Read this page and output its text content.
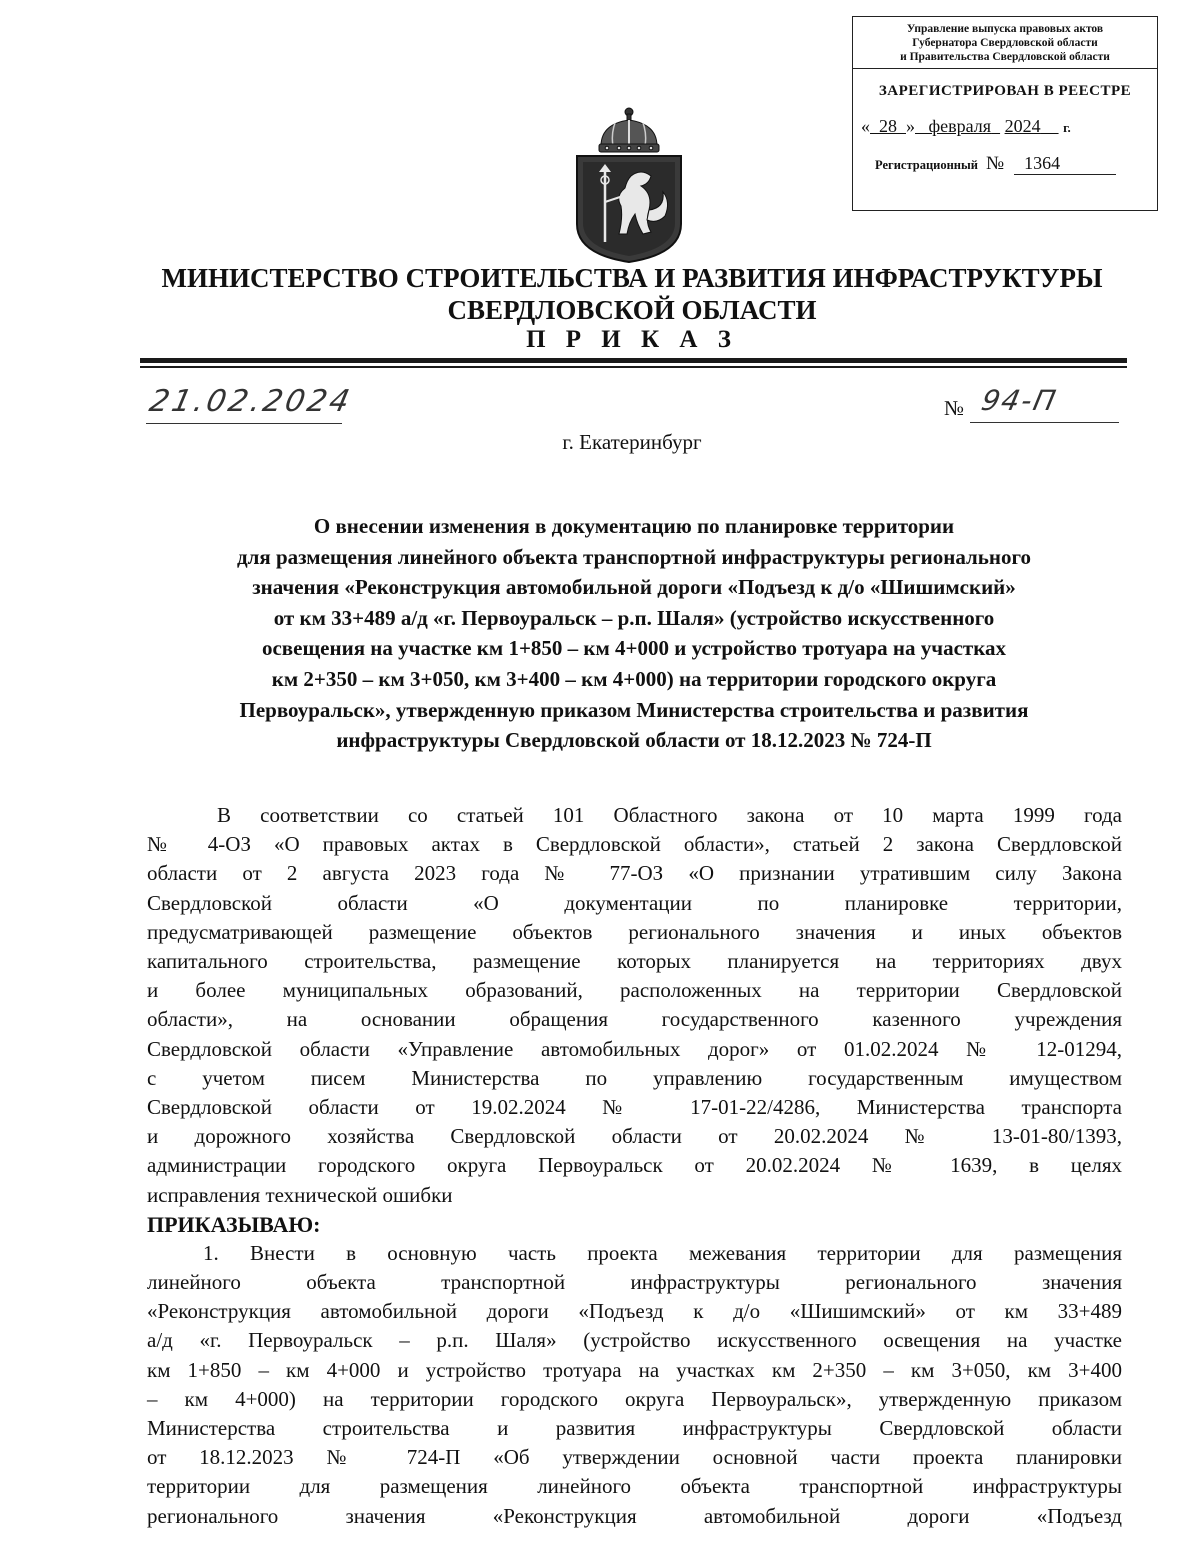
Управление выпуска правовых актов
Губернатора Свердловской области
и Правительства Свердловской области
ЗАРЕГИСТРИРОВАН В РЕЕСТРЕ
« 28 » февраля 2024 г.
Регистрационный № 1364
МИНИСТЕРСТВО СТРОИТЕЛЬСТВА И РАЗВИТИЯ ИНФРАСТРУКТУРЫ
СВЕРДЛОВСКОЙ ОБЛАСТИ
П Р И К А З
21.02.2024	№ 94-П
г. Екатеринбург
О внесении изменения в документацию по планировке территории
для размещения линейного объекта транспортной инфраструктуры регионального
значения «Реконструкция автомобильной дороги «Подъезд к д/о «Шишимский»
от км 33+489 а/д «г. Первоуральск – р.п. Шаля» (устройство искусственного
освещения на участке км 1+850 – км 4+000 и устройство тротуара на участках
км 2+350 – км 3+050, км 3+400 – км 4+000) на территории городского округа
Первоуральск», утвержденную приказом Министерства строительства и развития
инфраструктуры Свердловской области от 18.12.2023 № 724-П
В соответствии со статьей 101 Областного закона от 10 марта 1999 года
№ 4-ОЗ «О правовых актах в Свердловской области», статьей 2 закона Свердловской
области от 2 августа 2023 года № 77-ОЗ «О признании утратившим силу Закона
Свердловской области «О документации по планировке территории,
предусматривающей размещение объектов регионального значения и иных объектов
капитального строительства, размещение которых планируется на территориях двух
и более муниципальных образований, расположенных на территории Свердловской
области», на основании обращения государственного казенного учреждения
Свердловской области «Управление автомобильных дорог» от 01.02.2024 № 12-01294,
с учетом писем Министерства по управлению государственным имуществом
Свердловской области от 19.02.2024 № 17-01-22/4286, Министерства транспорта
и дорожного хозяйства Свердловской области от 20.02.2024 № 13-01-80/1393,
администрации городского округа Первоуральск от 20.02.2024 № 1639, в целях
исправления технической ошибки
ПРИКАЗЫВАЮ:
1. Внести в основную часть проекта межевания территории для размещения
линейного объекта транспортной инфраструктуры регионального значения
«Реконструкция автомобильной дороги «Подъезд к д/о «Шишимский» от км 33+489
а/д «г. Первоуральск – р.п. Шаля» (устройство искусственного освещения на участке
км 1+850 – км 4+000 и устройство тротуара на участках км 2+350 – км 3+050, км 3+400
– км 4+000) на территории городского округа Первоуральск», утвержденную приказом
Министерства строительства и развития инфраструктуры Свердловской области
от 18.12.2023 № 724-П «Об утверждении основной части проекта планировки
территории для размещения линейного объекта транспортной инфраструктуры
регионального значения «Реконструкция автомобильной дороги «Подъезд
